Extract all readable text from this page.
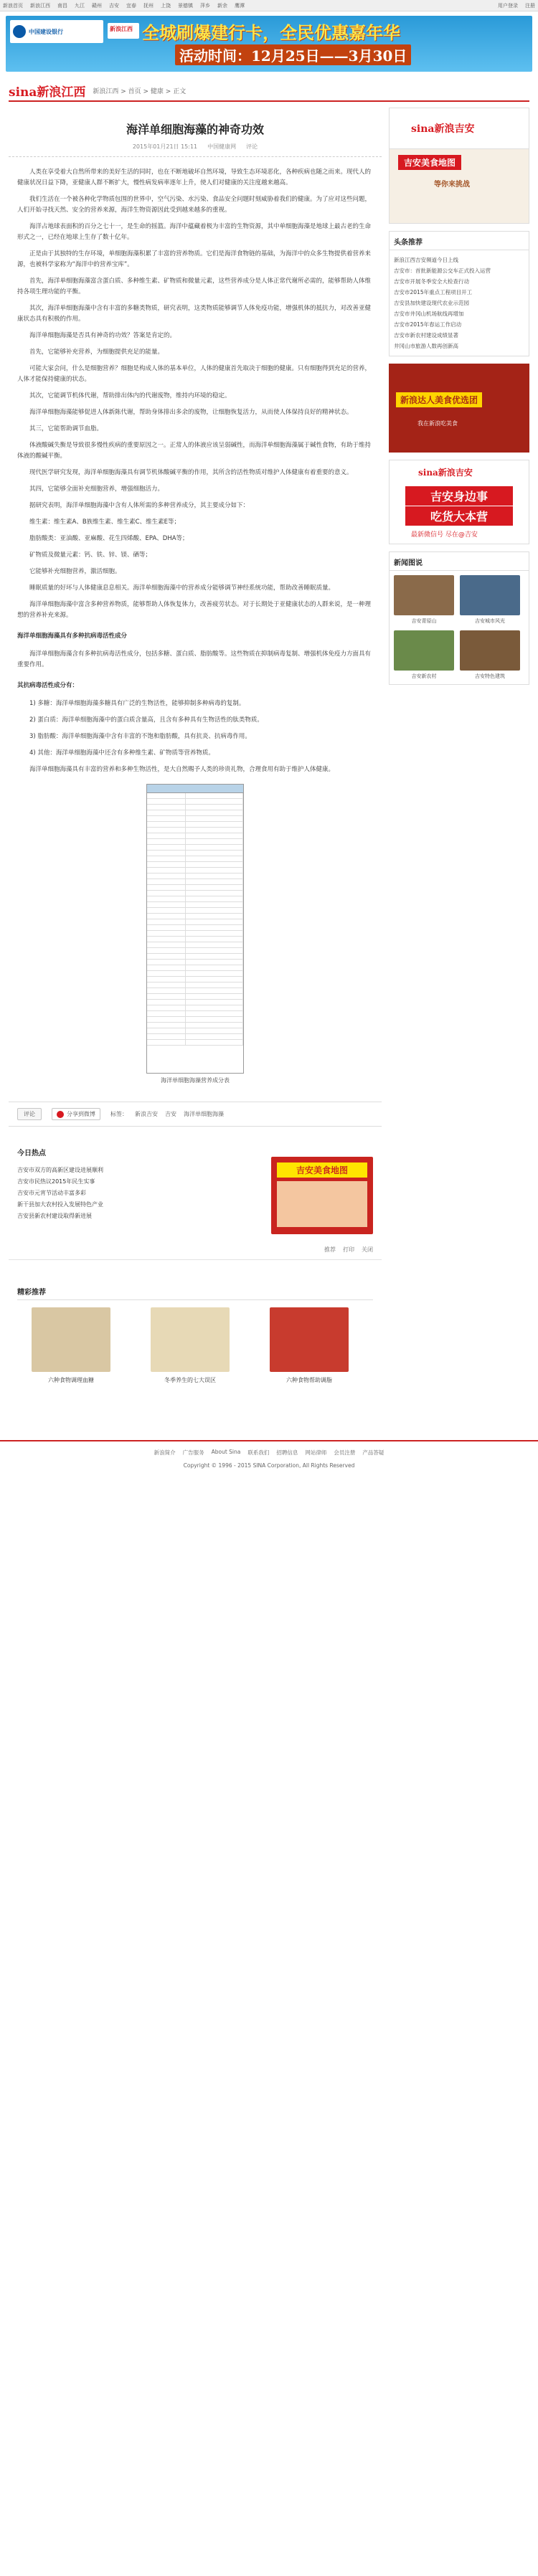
新浪首页 新浪江西 南昌 九江 赣州 吉安 宜春 抚州 上饶 景德镇 萍乡 新余 鹰潭	用户登录 注册
中国建设银行	新浪江西 全城刷爆建行卡，全民优惠嘉年华
活动时间：12月25日——3月30日
sina新浪江西 新浪江西 > 首页 > 健康 > 正文
海洋单细胞海藻的神奇功效
2015年01月21日 15:11 中国健康网 评论

人类在享受着大自然所带来的美好生活的同时，也在不断地破坏自然环境，导致生态环境恶化，各种疾病也随之而来。现代人的健康状况日益下降，亚健康人群不断扩大，慢性病发病率逐年上升，使人们对健康的关注度越来越高。

我们生活在一个被各种化学物质包围的世界中，空气污染、水污染、食品安全问题时刻威胁着我们的健康。为了应对这些问题，人们开始寻找天然、安全的营养来源，海洋生物资源因此受到越来越多的重视。

海洋占地球表面积的百分之七十一，是生命的摇篮。海洋中蕴藏着极为丰富的生物资源，其中单细胞海藻是地球上最古老的生命形式之一，已经在地球上生存了数十亿年。

正是由于其独特的生存环境，单细胞海藻积累了丰富的营养物质。它们是海洋食物链的基础，为海洋中的众多生物提供着营养来源，也被科学家称为“海洋中的营养宝库”。

首先，海洋单细胞海藻富含蛋白质、多种维生素、矿物质和微量元素，这些营养成分是人体正常代谢所必需的，能够帮助人体维持各项生理功能的平衡。

其次，海洋单细胞海藻中含有丰富的多糖类物质，研究表明，这类物质能够调节人体免疫功能，增强机体的抵抗力，对改善亚健康状态具有积极的作用。

海洋单细胞海藻是否具有神奇的功效？答案是肯定的。

首先，它能够补充营养，为细胞提供充足的能量。

可能大家会问，什么是细胞营养？细胞是构成人体的基本单位，人体的健康首先取决于细胞的健康。只有细胞得到充足的营养，人体才能保持健康的状态。

其次，它能调节机体代谢，帮助排出体内的代谢废物，维持内环境的稳定。

海洋单细胞海藻能够促进人体新陈代谢，帮助身体排出多余的废物，让细胞恢复活力，从而使人体保持良好的精神状态。

其三，它能帮助调节血脂。

体液酸碱失衡是导致很多慢性疾病的重要原因之一。正常人的体液应该呈弱碱性，而海洋单细胞海藻属于碱性食物，有助于维持体液的酸碱平衡。

现代医学研究发现，海洋单细胞海藻具有调节机体酸碱平衡的作用，其所含的活性物质对维护人体健康有着重要的意义。

其四，它能够全面补充细胞营养，增强细胞活力。

据研究表明，海洋单细胞海藻中含有人体所需的多种营养成分，其主要成分如下：

维生素：维生素A、B族维生素、维生素C、维生素E等；

脂肪酸类：亚油酸、亚麻酸、花生四烯酸、EPA、DHA等；

矿物质及微量元素：钙、铁、锌、镁、硒等；

它能够补充细胞营养，激活细胞。

睡眠质量的好坏与人体健康息息相关。海洋单细胞海藻中的营养成分能够调节神经系统功能，帮助改善睡眠质量。

海洋单细胞海藻中富含多种营养物质，能够帮助人体恢复体力，改善疲劳状态。对于长期处于亚健康状态的人群来说，是一种理想的营养补充来源。

海洋单细胞海藻具有多种抗病毒活性成分

海洋单细胞海藻含有多种抗病毒活性成分，包括多糖、蛋白质、脂肪酸等。这些物质在抑制病毒复制、增强机体免疫力方面具有重要作用。

其抗病毒活性成分有：

1) 多糖：海洋单细胞海藻多糖具有广泛的生物活性，能够抑制多种病毒的复制。

2) 蛋白质：海洋单细胞海藻中的蛋白质含量高，且含有多种具有生物活性的肽类物质。

3) 脂肪酸：海洋单细胞海藻中含有丰富的不饱和脂肪酸，具有抗炎、抗病毒作用。

4) 其他：海洋单细胞海藻中还含有多种维生素、矿物质等营养物质。

海洋单细胞海藻具有丰富的营养和多种生物活性，是大自然赐予人类的珍贵礼物，合理食用有助于维护人体健康。

海洋单细胞海藻营养成分表
评论	分享到微博	标签： 新浪吉安 吉安 海洋单细胞海藻
今日热点
吉安市双方的高新区建设进展顺利
吉安市民热议2015年民生实事
吉安市元宵节活动丰富多彩
新干县加大农村投入发展特色产业
吉安县新农村建设取得新进展
吉安美食地图
推荐 打印 关闭
精彩推荐
六种食物调理血糖	冬季养生的七大误区	六种食物帮助调脂
sina新浪吉安
吉安美食地图
等你来挑战
头条推荐
新浪江西吉安频道今日上线
吉安市：首批新能源公交车正式投入运营
吉安市开展冬季安全大检查行动
吉安市2015年重点工程项目开工
吉安县加快建设现代农业示范园
吉安市井冈山机场航线再增加
吉安市2015年春运工作启动
吉安市新农村建设成绩显著
井冈山市旅游人数再创新高
新浪达人美食优选团
我在新浪吃美食
sina新浪吉安
吉安身边事
吃货大本营
最新微信号 尽在@吉安
新闻图说
吉安青原山	吉安城市风光
吉安新农村	吉安特色建筑
新浪简介 广告服务 About Sina 联系我们 招聘信息 网站律师 会员注册 产品答疑
Copyright © 1996 - 2015 SINA Corporation, All Rights Reserved
